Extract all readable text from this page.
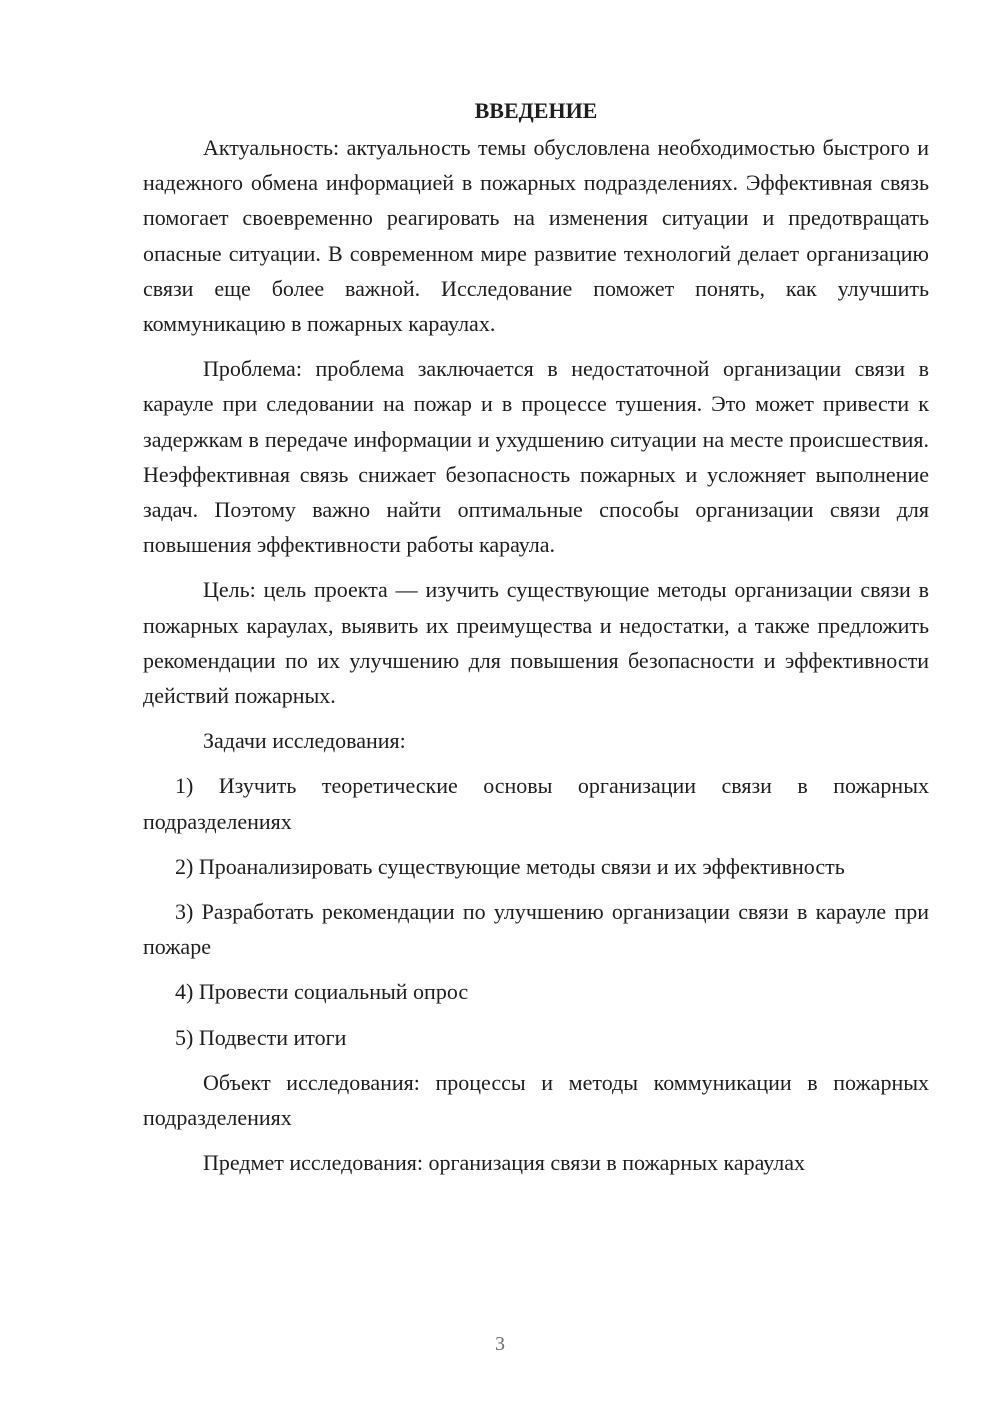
ВВЕДЕНИЕ

Актуальность: актуальность темы обусловлена необходимостью быстрого и надежного обмена информацией в пожарных подразделениях. Эффективная связь помогает своевременно реагировать на изменения ситуации и предотвращать опасные ситуации. В современном мире развитие технологий делает организацию связи еще более важной. Исследование поможет понять, как улучшить коммуникацию в пожарных караулах.

Проблема: проблема заключается в недостаточной организации связи в карауле при следовании на пожар и в процессе тушения. Это может привести к задержкам в передаче информации и ухудшению ситуации на месте происшествия. Неэффективная связь снижает безопасность пожарных и усложняет выполнение задач. Поэтому важно найти оптимальные способы организации связи для повышения эффективности работы караула.

Цель: цель проекта — изучить существующие методы организации связи в пожарных караулах, выявить их преимущества и недостатки, а также предложить рекомендации по их улучшению для повышения безопасности и эффективности действий пожарных.

Задачи исследования:

1) Изучить теоретические основы организации связи в пожарных подразделениях

2) Проанализировать существующие методы связи и их эффективность

3) Разработать рекомендации по улучшению организации связи в карауле при пожаре

4) Провести социальный опрос

5) Подвести итоги

Объект исследования: процессы и методы коммуникации в пожарных подразделениях

Предмет исследования: организация связи в пожарных караулах

3
